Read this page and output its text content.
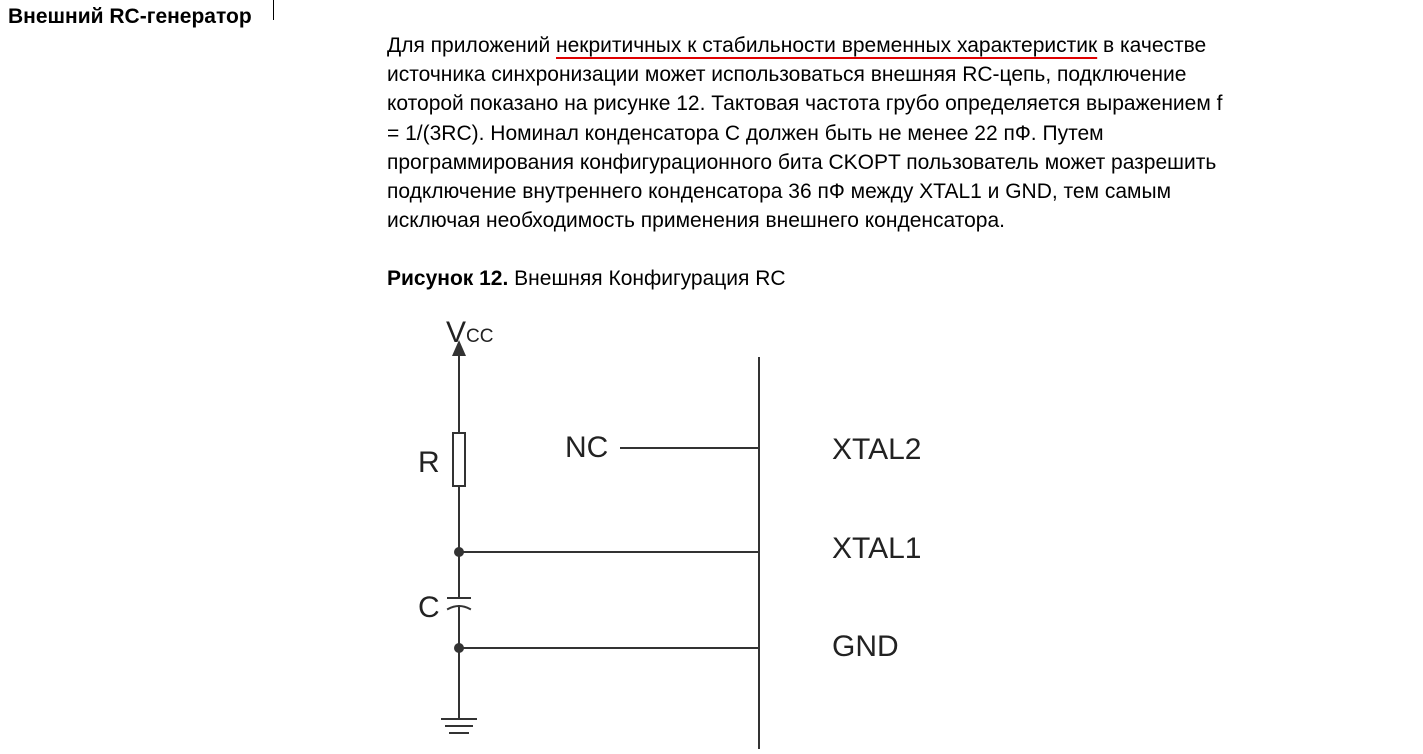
Внешний RC-генератор
Для приложений некритичных к стабильности временных характеристик в качестве
источника синхронизации может использоваться внешняя RC-цепь, подключение
которой показано на рисунке 12. Тактовая частота грубо определяется выражением f
= 1/(3RC). Номинал конденсатора C должен быть не менее 22 пФ. Путем
программирования конфигурационного бита CKOPT пользователь может разрешить
подключение внутреннего конденсатора 36 пФ между XTAL1 и GND, тем самым
исключая необходимость применения внешнего конденсатора.
Рисунок 12. Внешняя Конфигурация RC
VCC
R
C
NC	XTAL2
XTAL1
GND
